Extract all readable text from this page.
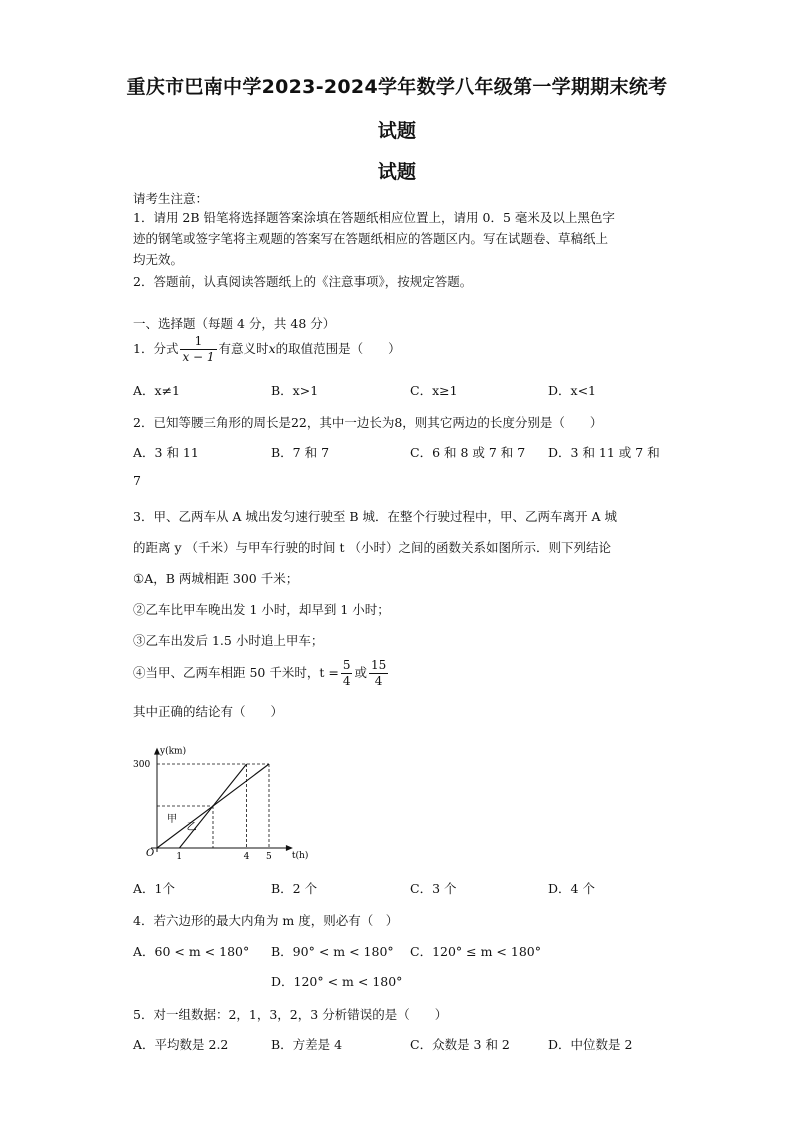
重庆市巴南中学2023-2024学年数学八年级第一学期期末统考
试题
试题
请考生注意：
1．请用 2B 铅笔将选择题答案涂填在答题纸相应位置上，请用 0．5 毫米及以上黑色字
迹的钢笔或签字笔将主观题的答案写在答题纸相应的答题区内。写在试题卷、草稿纸上
均无效。
2．答题前，认真阅读答题纸上的《注意事项》，按规定答题。
一、选择题（每题 4 分，共 48 分）
1．分式 $\frac{1}{x - 1}$ 有意义时x的取值范围是（　　）
A．x≠1	B．x>1	C．x≥1	D．x<1
2．已知等腰三角形的周长是22，其中一边长为8，则其它两边的长度分别是（　　）
A．3 和 11	B．7 和 7	C．6 和 8 或 7 和 7 D．3 和 11 或 7 和
7
3．甲、乙两车从 A 城出发匀速行驶至 B 城．在整个行驶过程中，甲、乙两车离开 A 城
的距离 y （千米）与甲车行驶的时间 t （小时）之间的函数关系如图所示．则下列结论
①A，B 两城相距 300 千米；
②乙车比甲车晚出发 1 小时，却早到 1 小时；
③乙车出发后 1.5 小时追上甲车；
④当甲、乙两车相距 50 千米时，$t = \frac{5}{4}$ 或 $\frac{15}{4}$
其中正确的结论有（　　）
y(km)
t(h)
O 1	4 5
300
甲
乙
A．1个	B．2 个	C．3 个	D．4 个
4．若六边形的最大内角为 m 度，则必有（　）
A．60 < m < 180° B．90° < m < 180° C．120° ≤ m < 180°
D．120° < m < 180°
5．对一组数据：2，1，3，2，3 分析错误的是（　　）
A．平均数是 2.2	B．方差是 4	C．众数是 3 和 2	D．中位数是 2
